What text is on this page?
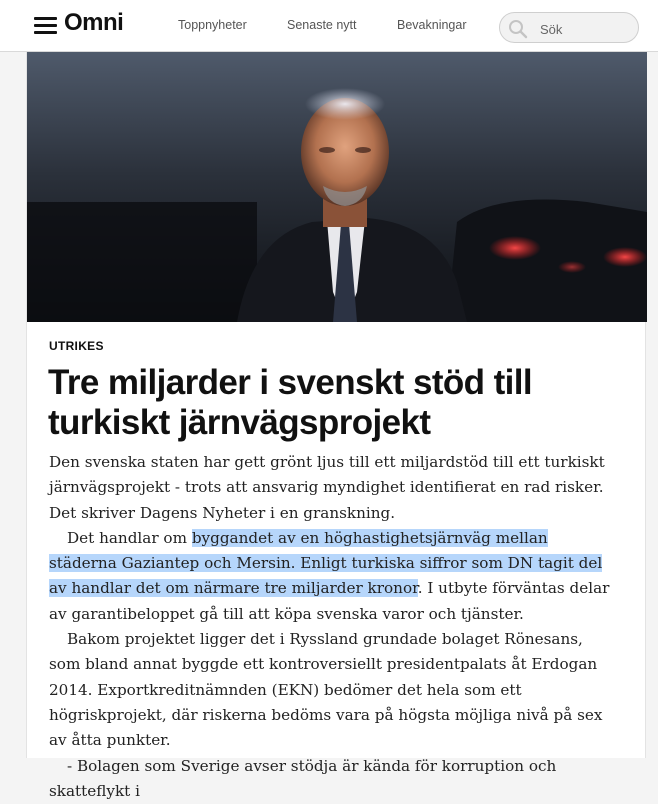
Omni	Toppnyheter	Senaste nytt	Bevakningar
Sök
UTRIKES
Tre miljarder i svenskt stöd till turkiskt järnvägsprojekt

Den svenska staten har gett grönt ljus till ett miljardstöd till ett turkiskt järnvägsprojekt - trots att ansvarig myndighet identifierat en rad risker. Det skriver Dagens Nyheter i en granskning.

Det handlar om byggandet av en höghastighetsjärnväg mellan städerna Gaziantep och Mersin. Enligt turkiska siffror som DN tagit del av handlar det om närmare tre miljarder kronor. I utbyte förväntas delar av garantibeloppet gå till att köpa svenska varor och tjänster.

Bakom projektet ligger det i Ryssland grundade bolaget Rönesans, som bland annat byggde ett kontroversiellt presidentpalats åt Erdogan 2014. Exportkreditnämnden (EKN) bedömer det hela som ett högriskprojekt, där riskerna bedöms vara på högsta möjliga nivå på sex av åtta punkter.

- Bolagen som Sverige avser stödja är kända för korruption och skatteflykt i
